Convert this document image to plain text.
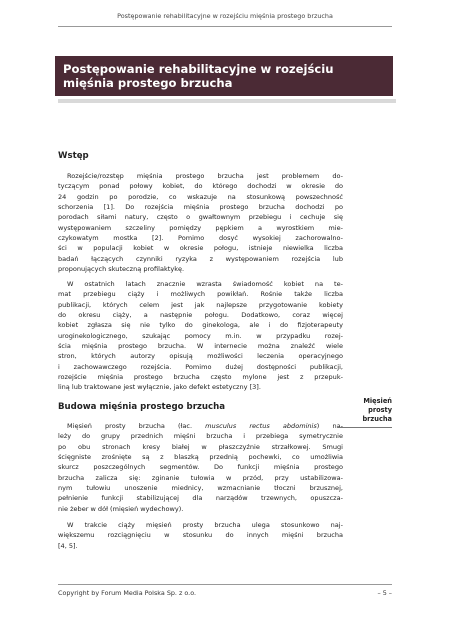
Postępowanie rehabilitacyjne w rozejściu mięśnia prostego brzucha
Postępowanie rehabilitacyjne w rozejściu
mięśnia prostego brzucha
Wstęp
Rozejście/rozstęp mięśnia prostego brzucha jest problemem do-
tyczącym ponad połowy kobiet, do którego dochodzi w okresie do
24 godzin po porodzie, co wskazuje na stosunkową powszechność
schorzenia [1]. Do rozejścia mięśnia prostego brzucha dochodzi po
porodach siłami natury, często o gwałtownym przebiegu i cechuje się
występowaniem szczeliny pomiędzy pępkiem a wyrostkiem mie-
czykowatym mostka [2]. Pomimo dosyć wysokiej zachorowalno-
ści w populacji kobiet w okresie połogu, istnieje niewielka liczba
badań łączących czynniki ryzyka z występowaniem rozejścia lub
proponujących skuteczną profilaktykę.
W ostatnich latach znacznie wzrasta świadomość kobiet na te-
mat przebiegu ciąży i możliwych powikłań. Rośnie także liczba
publikacji, których celem jest jak najlepsze przygotowanie kobiety
do okresu ciąży, a następnie połogu. Dodatkowo, coraz więcej
kobiet zgłasza się nie tylko do ginekologa, ale i do fizjoterapeuty
uroginekologicznego, szukając pomocy m.in. w przypadku rozej-
ścia mięśnia prostego brzucha. W internecie można znaleźć wiele
stron, których autorzy opisują możliwości leczenia operacyjnego
i zachowawczego rozejścia. Pomimo dużej dostępności publikacji,
rozejście mięśnia prostego brzucha często mylone jest z przepuk-
liną lub traktowane jest wyłącznie, jako defekt estetyczny [3].
Budowa mięśnia prostego brzucha
Mięsień prosty brzucha (łac. musculus rectus abdominis) na-
leży do grupy przednich mięśni brzucha i przebiega symetrycznie
po obu stronach kresy białej w płaszczyźnie strzałkowej. Smugi
ścięgniste zrośnięte są z blaszką przednią pochewki, co umożliwia
skurcz poszczególnych segmentów. Do funkcji mięśnia prostego
brzucha zalicza się: zginanie tułowia w przód, przy ustabilizowa-
nym tułowiu unoszenie miednicy, wzmacnianie tłoczni brzusznej,
pełnienie funkcji stabilizującej dla narządów trzewnych, opuszcza-
nie żeber w dół (mięsień wydechowy).
W trakcie ciąży mięsień prosty brzucha ulega stosunkowo naj-
większemu rozciągnięciu w stosunku do innych mięśni brzucha
[4, 5].
Mięsień prosty
brzucha
Copyright by Forum Media Polska Sp. z o.o.	– 5 –
